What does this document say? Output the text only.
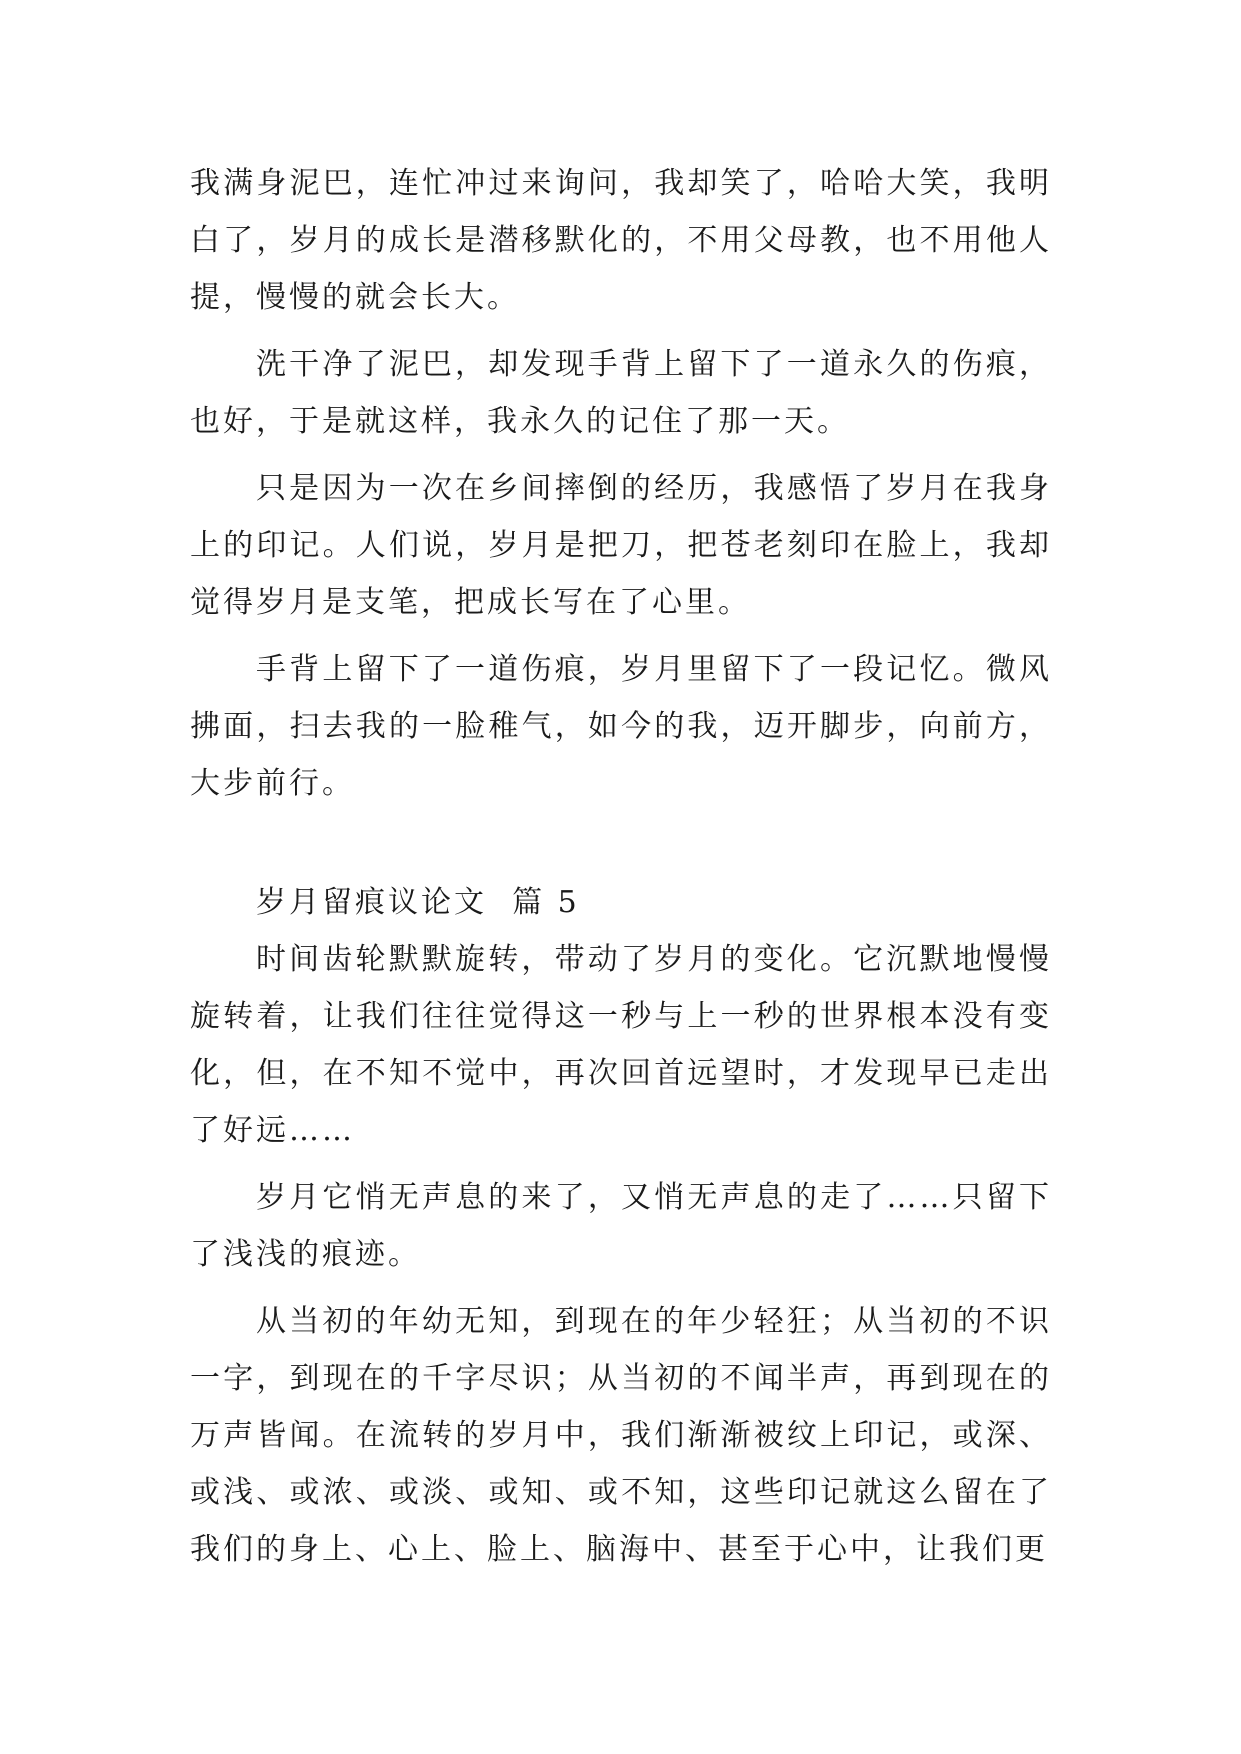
我满身泥巴，连忙冲过来询问，我却笑了，哈哈大笑，我明白了，岁月的成长是潜移默化的，不用父母教，也不用他人提，慢慢的就会长大。

洗干净了泥巴，却发现手背上留下了一道永久的伤痕，也好，于是就这样，我永久的记住了那一天。

只是因为一次在乡间摔倒的经历，我感悟了岁月在我身上的印记。人们说，岁月是把刀，把苍老刻印在脸上，我却觉得岁月是支笔，把成长写在了心里。

手背上留下了一道伤痕，岁月里留下了一段记忆。微风拂面，扫去我的一脸稚气，如今的我，迈开脚步，向前方，大步前行。

岁月留痕议论文  篇 5

时间齿轮默默旋转，带动了岁月的变化。它沉默地慢慢旋转着，让我们往往觉得这一秒与上一秒的世界根本没有变化，但，在不知不觉中，再次回首远望时，才发现早已走出了好远……

岁月它悄无声息的来了，又悄无声息的走了……只留下了浅浅的痕迹。

从当初的年幼无知，到现在的年少轻狂；从当初的不识一字，到现在的千字尽识；从当初的不闻半声，再到现在的万声皆闻。在流转的岁月中，我们渐渐被纹上印记，或深、或浅、或浓、或淡、或知、或不知，这些印记就这么留在了我们的身上、心上、脸上、脑海中、甚至于心中，让我们更
